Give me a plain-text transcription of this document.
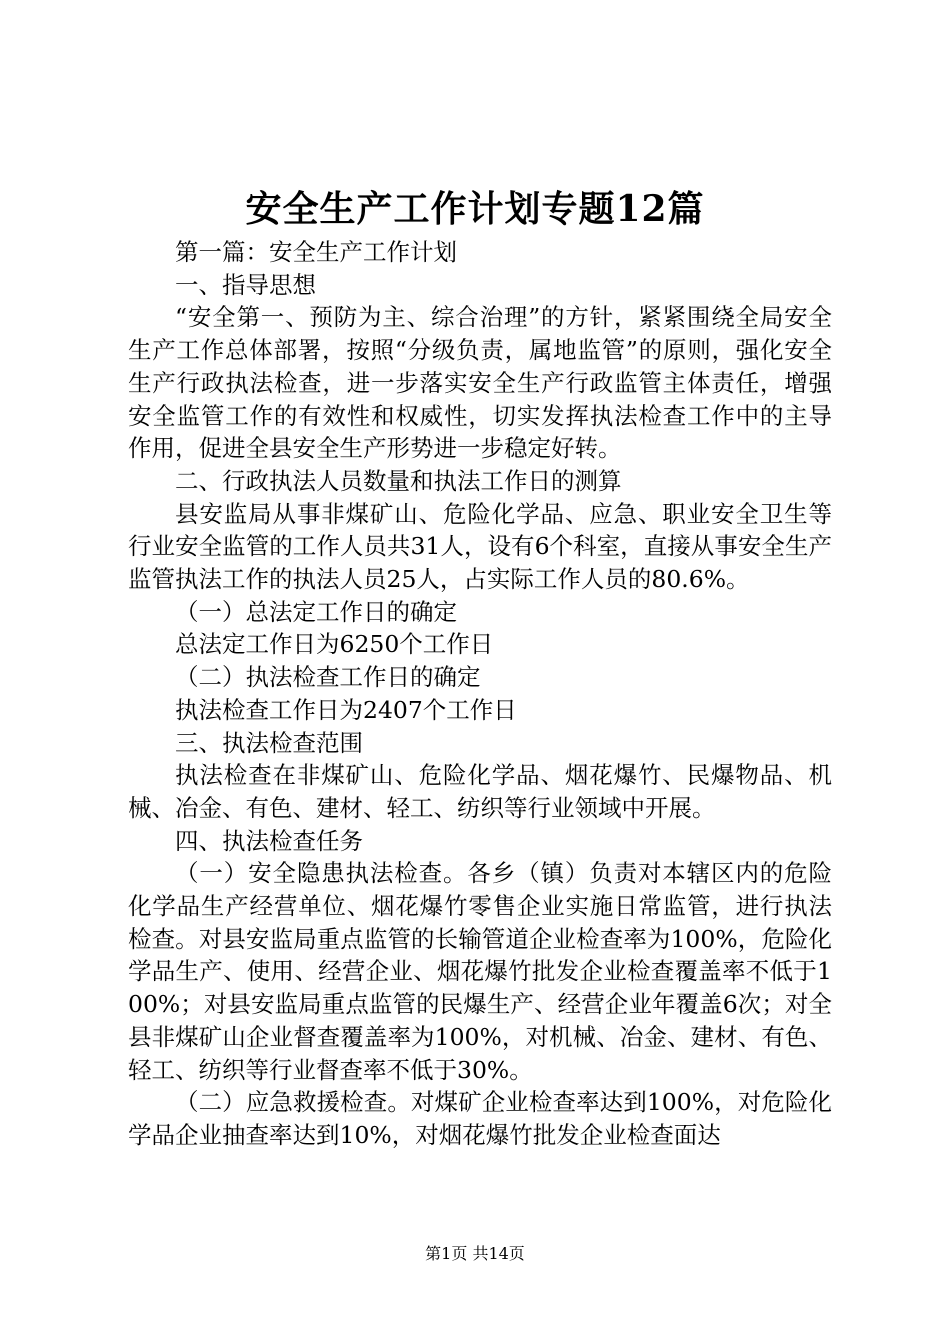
安全生产工作计划专题12篇

第一篇：安全生产工作计划

一、指导思想

“安全第一、预防为主、综合治理”的方针，紧紧围绕全局安全生产工作总体部署，按照“分级负责，属地监管”的原则，强化安全生产行政执法检查，进一步落实安全生产行政监管主体责任，增强安全监管工作的有效性和权威性，切实发挥执法检查工作中的主导作用，促进全县安全生产形势进一步稳定好转。

二、行政执法人员数量和执法工作日的测算

县安监局从事非煤矿山、危险化学品、应急、职业安全卫生等行业安全监管的工作人员共31人，设有6个科室，直接从事安全生产监管执法工作的执法人员25人，占实际工作人员的80.6%。

（一）总法定工作日的确定

总法定工作日为6250个工作日

（二）执法检查工作日的确定

执法检查工作日为2407个工作日

三、执法检查范围

执法检查在非煤矿山、危险化学品、烟花爆竹、民爆物品、机械、冶金、有色、建材、轻工、纺织等行业领域中开展。

四、执法检查任务

（一）安全隐患执法检查。各乡（镇）负责对本辖区内的危险化学品生产经营单位、烟花爆竹零售企业实施日常监管，进行执法检查。对县安监局重点监管的长输管道企业检查率为100%，危险化学品生产、使用、经营企业、烟花爆竹批发企业检查覆盖率不低于100%；对县安监局重点监管的民爆生产、经营企业年覆盖6次；对全县非煤矿山企业督查覆盖率为100%，对机械、冶金、建材、有色、轻工、纺织等行业督查率不低于30%。

（二）应急救援检查。对煤矿企业检查率达到100%，对危险化学品企业抽查率达到10%，对烟花爆竹批发企业检查面达

第1页 共14页
